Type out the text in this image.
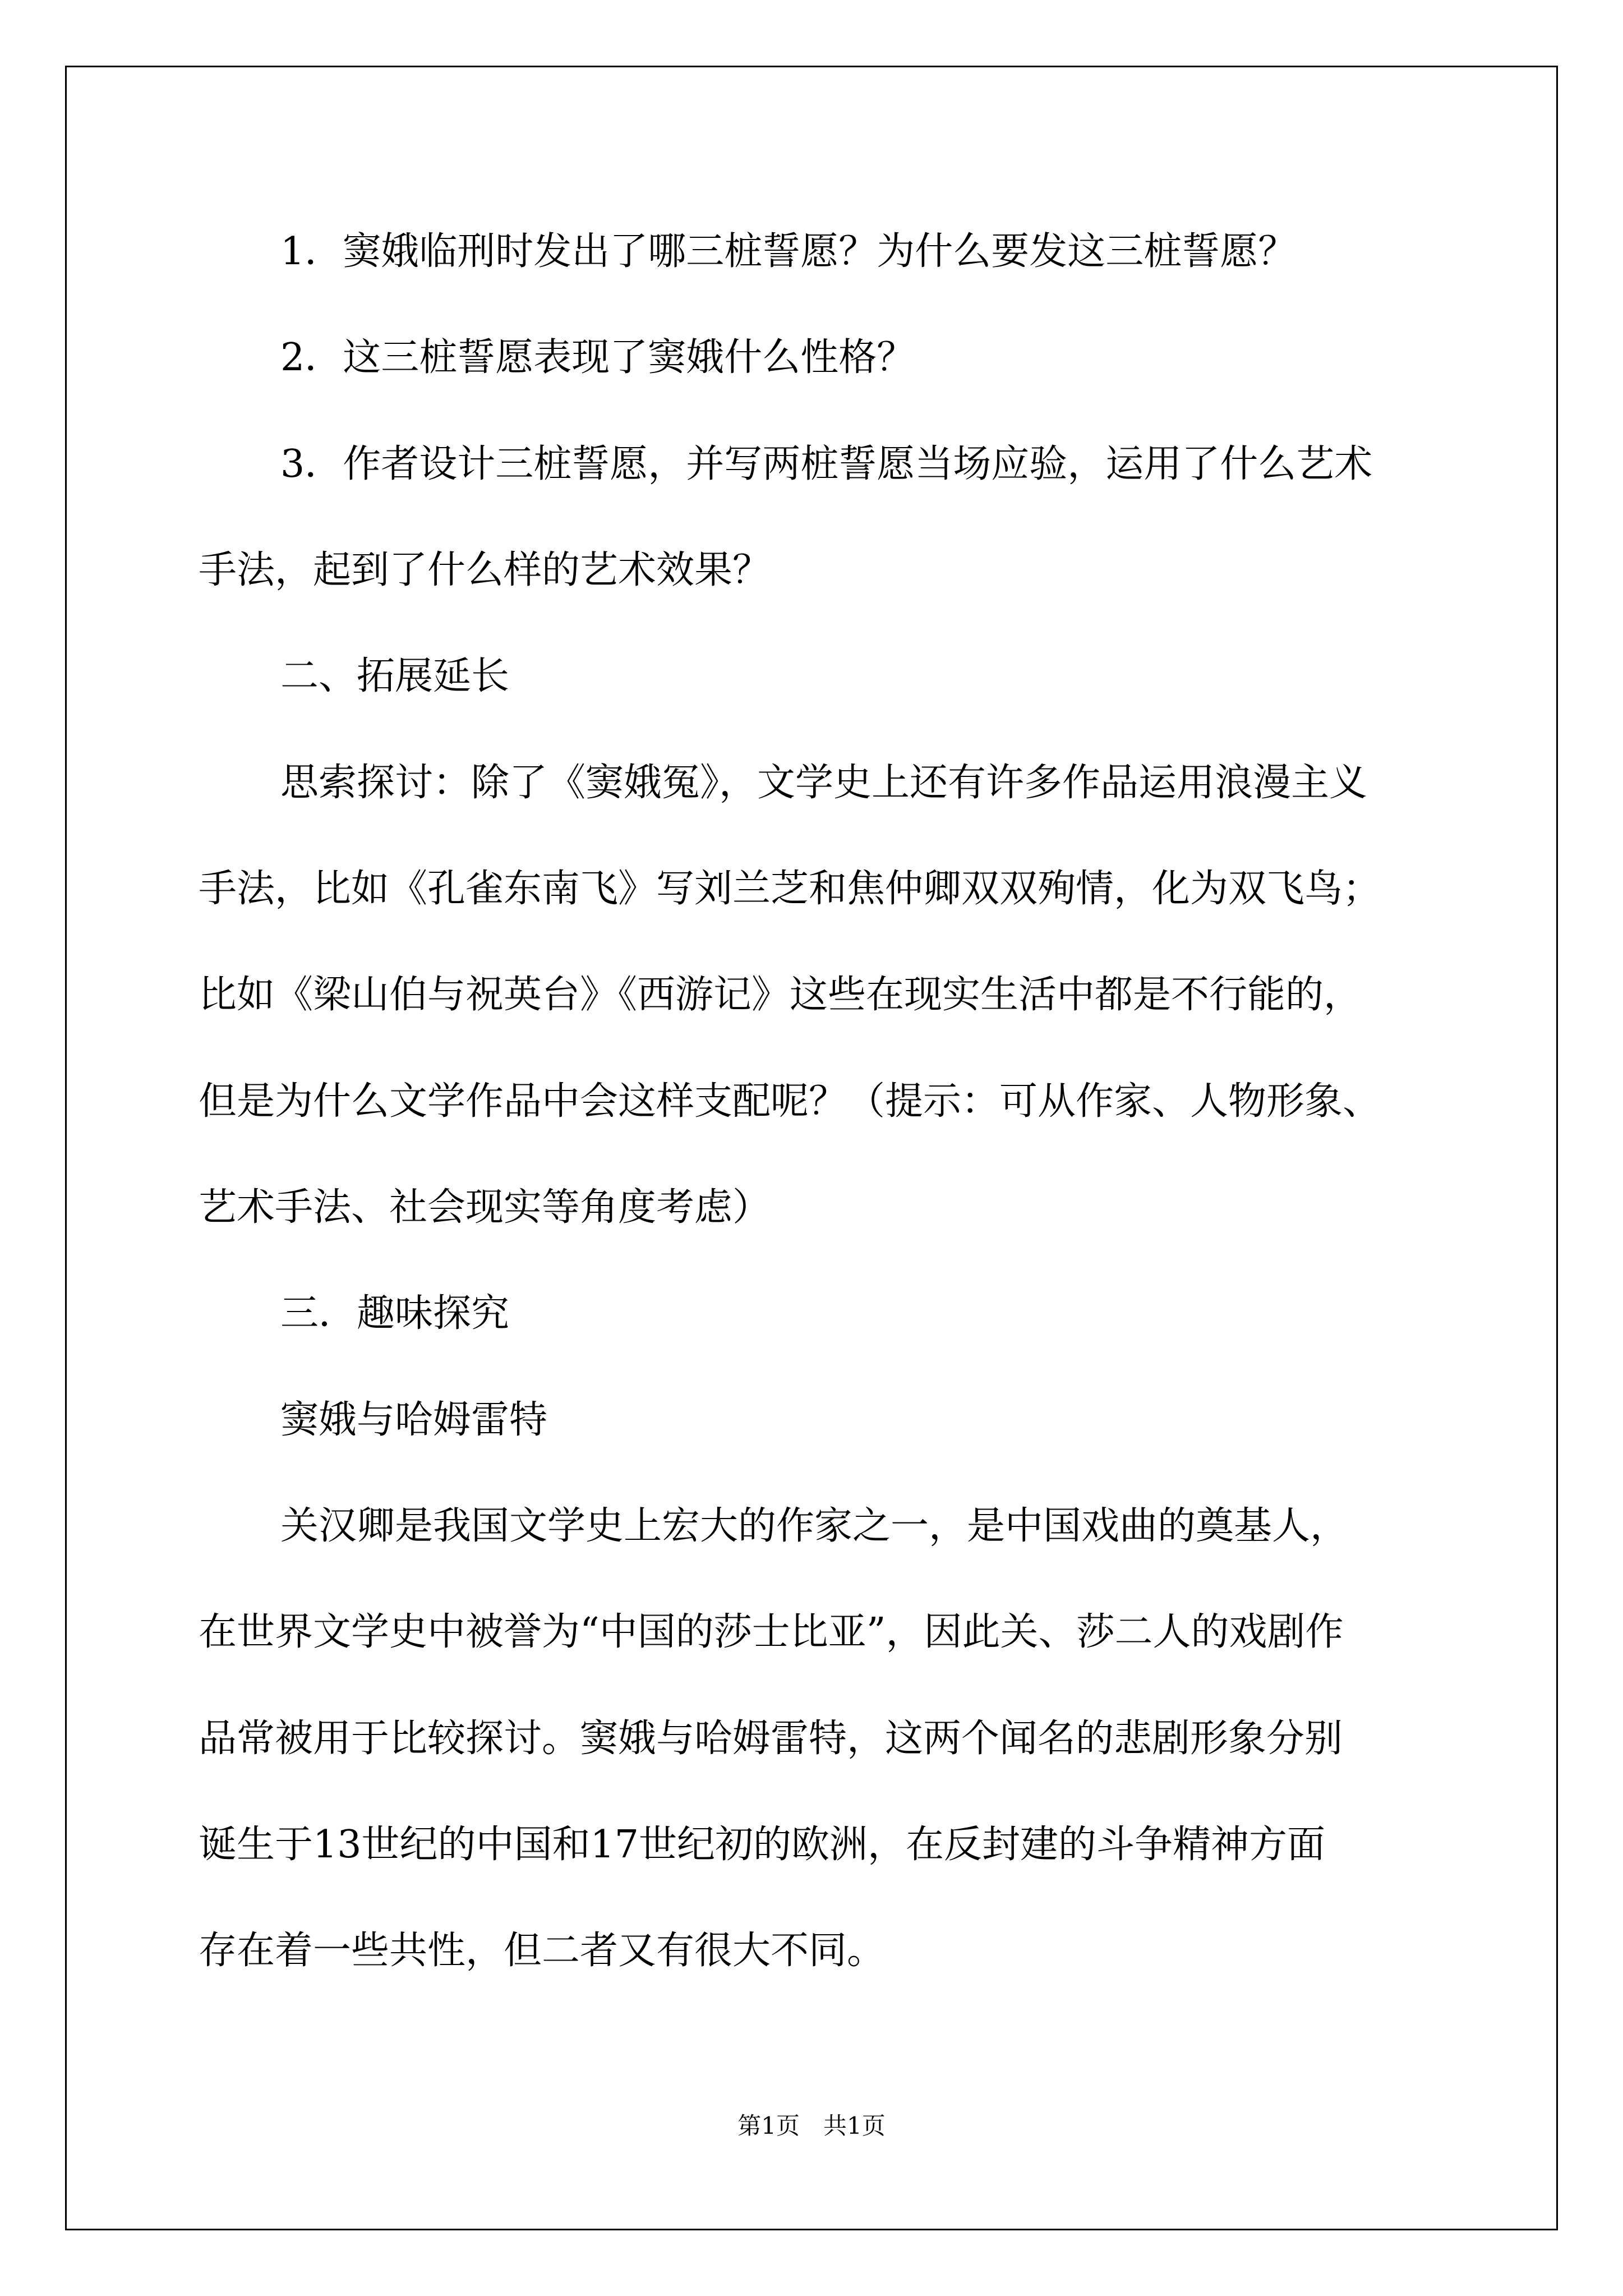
1．窦娥临刑时发出了哪三桩誓愿？为什么要发这三桩誓愿？

2．这三桩誓愿表现了窦娥什么性格？

3．作者设计三桩誓愿，并写两桩誓愿当场应验，运用了什么艺术

手法，起到了什么样的艺术效果？

二、拓展延长

思索探讨：除了《窦娥冤》，文学史上还有许多作品运用浪漫主义

手法，比如《孔雀东南飞》写刘兰芝和焦仲卿双双殉情，化为双飞鸟；

比如《梁山伯与祝英台》《西游记》这些在现实生活中都是不行能的，

但是为什么文学作品中会这样支配呢？（提示：可从作家、人物形象、

艺术手法、社会现实等角度考虑）

三．趣味探究

窦娥与哈姆雷特

关汉卿是我国文学史上宏大的作家之一，是中国戏曲的奠基人，

在世界文学史中被誉为“中国的莎士比亚”，因此关、莎二人的戏剧作

品常被用于比较探讨。窦娥与哈姆雷特，这两个闻名的悲剧形象分别

诞生于13世纪的中国和17世纪初的欧洲，在反封建的斗争精神方面

存在着一些共性，但二者又有很大不同。

第1页　共1页
